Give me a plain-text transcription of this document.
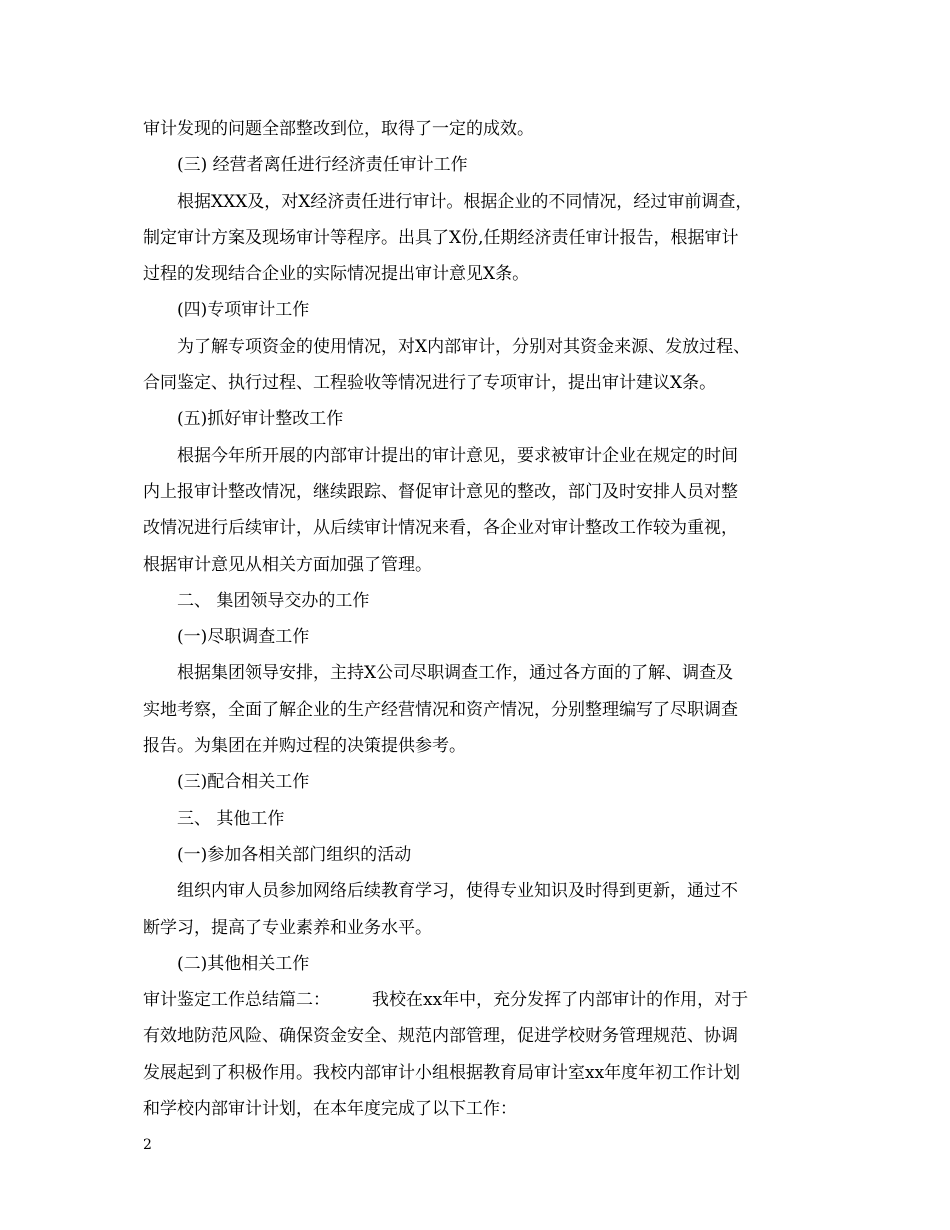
审计发现的问题全部整改到位，取得了一定的成效。
(三) 经营者离任进行经济责任审计工作
根据XXX及，对X经济责任进行审计。根据企业的不同情况，经过审前调查，
制定审计方案及现场审计等程序。出具了X份,任期经济责任审计报告，根据审计
过程的发现结合企业的实际情况提出审计意见X条。
(四)专项审计工作
为了解专项资金的使用情况，对X内部审计，分别对其资金来源、发放过程、
合同鉴定、执行过程、工程验收等情况进行了专项审计，提出审计建议X条。
(五)抓好审计整改工作
根据今年所开展的内部审计提出的审计意见，要求被审计企业在规定的时间
内上报审计整改情况，继续跟踪、督促审计意见的整改，部门及时安排人员对整
改情况进行后续审计，从后续审计情况来看，各企业对审计整改工作较为重视，
根据审计意见从相关方面加强了管理。
二、 集团领导交办的工作
(一)尽职调查工作
根据集团领导安排，主持X公司尽职调查工作，通过各方面的了解、调查及
实地考察，全面了解企业的生产经营情况和资产情况，分别整理编写了尽职调查
报告。为集团在并购过程的决策提供参考。
(三)配合相关工作
三、 其他工作
(一)参加各相关部门组织的活动
组织内审人员参加网络后续教育学习，使得专业知识及时得到更新，通过不
断学习，提高了专业素养和业务水平。
(二)其他相关工作
审计鉴定工作总结篇二： 我校在xx年中，充分发挥了内部审计的作用，对于
有效地防范风险、确保资金安全、规范内部管理，促进学校财务管理规范、协调
发展起到了积极作用。我校内部审计小组根据教育局审计室xx年度年初工作计划
和学校内部审计计划，在本年度完成了以下工作：
2
